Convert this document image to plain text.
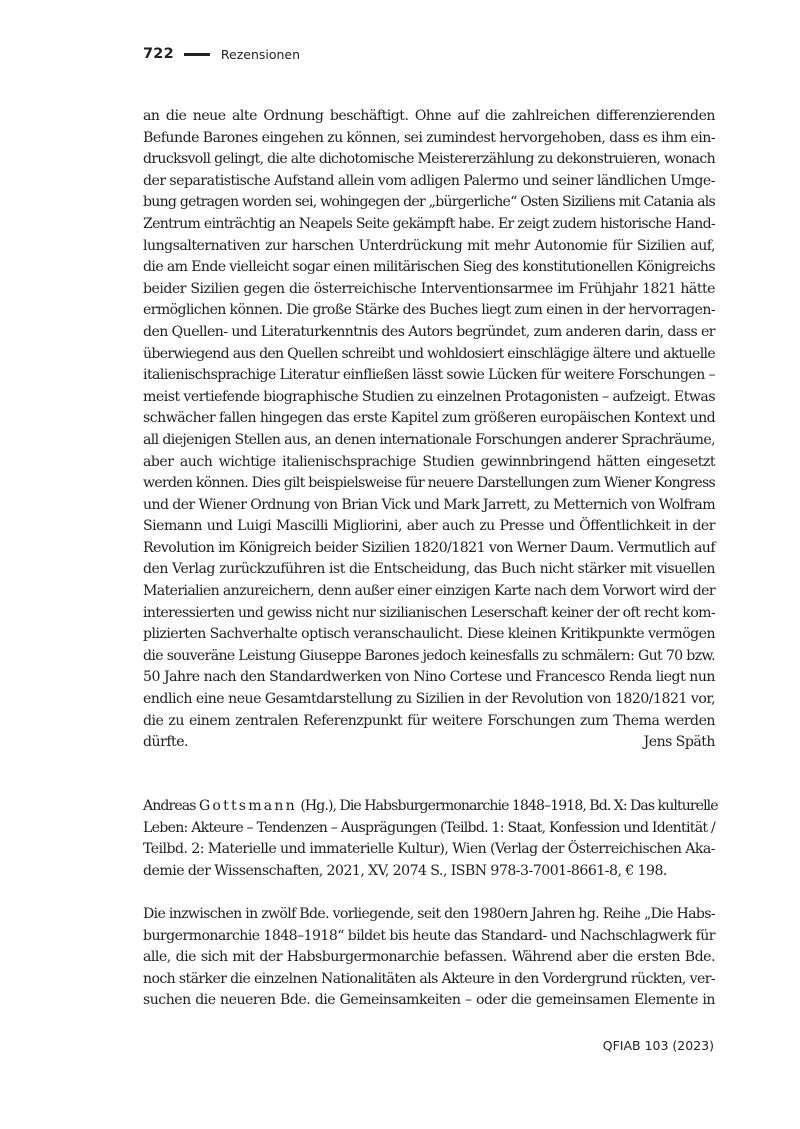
722	Rezensionen
an die neue alte Ordnung beschäftigt. Ohne auf die zahlreichen differenzierenden
Befunde Barones eingehen zu können, sei zumindest hervorgehoben, dass es ihm ein-
drucksvoll gelingt, die alte dichotomische Meistererzählung zu dekonstruieren, wonach
der separatistische Aufstand allein vom adligen Palermo und seiner ländlichen Umge-
bung getragen worden sei, wohingegen der „bürgerliche“ Osten Siziliens mit Catania als
Zentrum einträchtig an Neapels Seite gekämpft habe. Er zeigt zudem historische Hand-
lungsalternativen zur harschen Unterdrückung mit mehr Autonomie für Sizilien auf,
die am Ende vielleicht sogar einen militärischen Sieg des konstitutionellen Königreichs
beider Sizilien gegen die österreichische Interventionsarmee im Frühjahr 1821 hätte
ermöglichen können. Die große Stärke des Buches liegt zum einen in der hervorragen-
den Quellen- und Literaturkenntnis des Autors begründet, zum anderen darin, dass er
überwiegend aus den Quellen schreibt und wohldosiert einschlägige ältere und aktuelle
italienischsprachige Literatur einfließen lässt sowie Lücken für weitere Forschungen –
meist vertiefende biographische Studien zu einzelnen Protagonisten – aufzeigt. Etwas
schwächer fallen hingegen das erste Kapitel zum größeren europäischen Kontext und
all diejenigen Stellen aus, an denen internationale Forschungen anderer Sprachräume,
aber auch wichtige italienischsprachige Studien gewinnbringend hätten eingesetzt
werden können. Dies gilt beispielsweise für neuere Darstellungen zum Wiener Kongress
und der Wiener Ordnung von Brian Vick und Mark Jarrett, zu Metternich von Wolfram
Siemann und Luigi Mascilli Migliorini, aber auch zu Presse und Öffentlichkeit in der
Revolution im Königreich beider Sizilien 1820/1821 von Werner Daum. Vermutlich auf
den Verlag zurückzuführen ist die Entscheidung, das Buch nicht stärker mit visuellen
Materialien anzureichern, denn außer einer einzigen Karte nach dem Vorwort wird der
interessierten und gewiss nicht nur sizilianischen Leserschaft keiner der oft recht kom-
plizierten Sachverhalte optisch veranschaulicht. Diese kleinen Kritikpunkte vermögen
die souveräne Leistung Giuseppe Barones jedoch keinesfalls zu schmälern: Gut 70 bzw.
50 Jahre nach den Standardwerken von Nino Cortese und Francesco Renda liegt nun
endlich eine neue Gesamtdarstellung zu Sizilien in der Revolution von 1820/1821 vor,
die zu einem zentralen Referenzpunkt für weitere Forschungen zum Thema werden
dürfte.	Jens Späth
Andreas Gottsmann (Hg.), Die Habsburgermonarchie 1848–1918, Bd. X: Das kulturelle
Leben: Akteure – Tendenzen – Ausprägungen (Teilbd. 1: Staat, Konfession und Identität /
Teilbd. 2: Materielle und immaterielle Kultur), Wien (Verlag der Österreichischen Aka-
demie der Wissenschaften, 2021, XV, 2074 S., ISBN 978-3-7001-8661-8, € 198.
Die inzwischen in zwölf Bde. vorliegende, seit den 1980ern Jahren hg. Reihe „Die Habs-
burgermonarchie 1848–1918“ bildet bis heute das Standard- und Nachschlagwerk für
alle, die sich mit der Habsburgermonarchie befassen. Während aber die ersten Bde.
noch stärker die einzelnen Nationalitäten als Akteure in den Vordergrund rückten, ver-
suchen die neueren Bde. die Gemeinsamkeiten – oder die gemeinsamen Elemente in
QFIAB 103 (2023)
